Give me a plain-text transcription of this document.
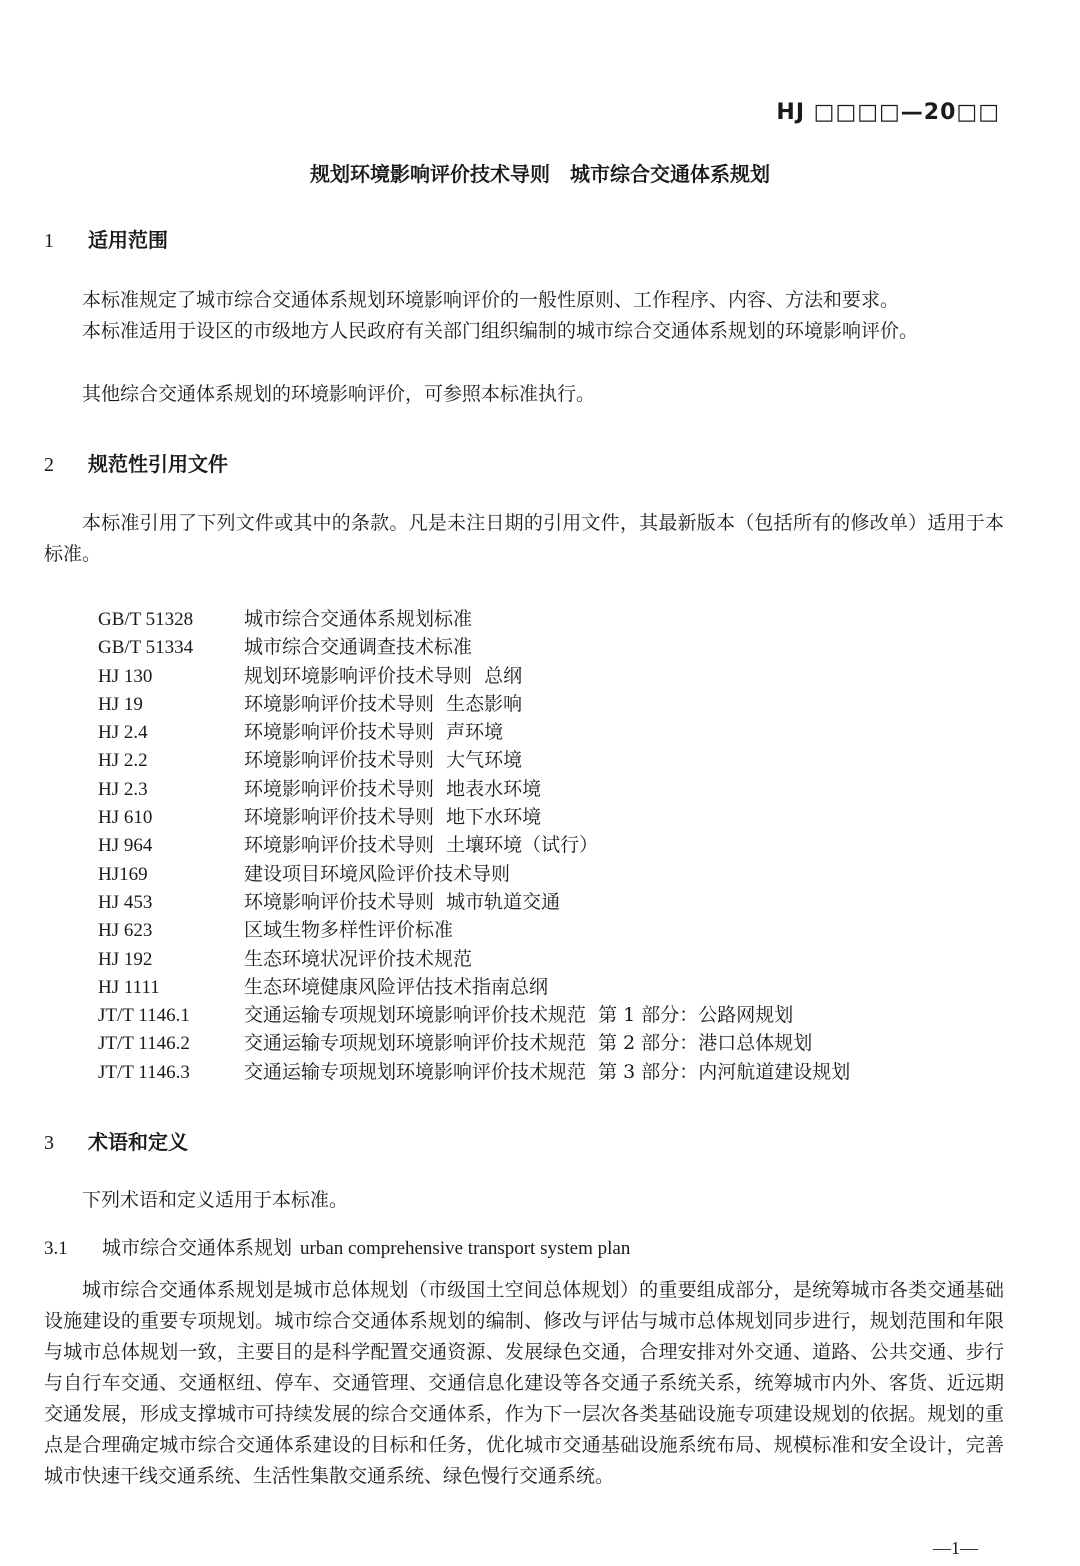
HJ □□□□—20□□
规划环境影响评价技术导则　城市综合交通体系规划
1 适用范围
本标准规定了城市综合交通体系规划环境影响评价的一般性原则、工作程序、内容、方法和要求。
本标准适用于设区的市级地方人民政府有关部门组织编制的城市综合交通体系规划的环境影响评价。
其他综合交通体系规划的环境影响评价，可参照本标准执行。
2 规范性引用文件
本标准引用了下列文件或其中的条款。凡是未注日期的引用文件，其最新版本（包括所有的修改单）适用于本标准。
GB/T 51328	城市综合交通体系规划标准
GB/T 51334	城市综合交通调查技术标准
HJ 130	规划环境影响评价技术导则  总纲
HJ 19	环境影响评价技术导则  生态影响
HJ 2.4	环境影响评价技术导则  声环境
HJ 2.2	环境影响评价技术导则  大气环境
HJ 2.3	环境影响评价技术导则  地表水环境
HJ 610	环境影响评价技术导则  地下水环境
HJ 964	环境影响评价技术导则  土壤环境（试行）
HJ169	建设项目环境风险评价技术导则
HJ 453	环境影响评价技术导则  城市轨道交通
HJ 623	区域生物多样性评价标准
HJ 192	生态环境状况评价技术规范
HJ 1111	生态环境健康风险评估技术指南总纲
JT/T 1146.1	交通运输专项规划环境影响评价技术规范  第 1 部分：公路网规划
JT/T 1146.2	交通运输专项规划环境影响评价技术规范  第 2 部分：港口总体规划
JT/T 1146.3	交通运输专项规划环境影响评价技术规范  第 3 部分：内河航道建设规划
3 术语和定义
下列术语和定义适用于本标准。
3.1 城市综合交通体系规划 urban comprehensive transport system plan
城市综合交通体系规划是城市总体规划（市级国土空间总体规划）的重要组成部分，是统筹城市各类交通基础设施建设的重要专项规划。城市综合交通体系规划的编制、修改与评估与城市总体规划同步进行，规划范围和年限与城市总体规划一致，主要目的是科学配置交通资源、发展绿色交通，合理安排对外交通、道路、公共交通、步行与自行车交通、交通枢纽、停车、交通管理、交通信息化建设等各交通子系统关系，统筹城市内外、客货、近远期交通发展，形成支撑城市可持续发展的综合交通体系，作为下一层次各类基础设施专项建设规划的依据。规划的重点是合理确定城市综合交通体系建设的目标和任务，优化城市交通基础设施系统布局、规模标准和安全设计，完善城市快速干线交通系统、生活性集散交通系统、绿色慢行交通系统。
—1—
